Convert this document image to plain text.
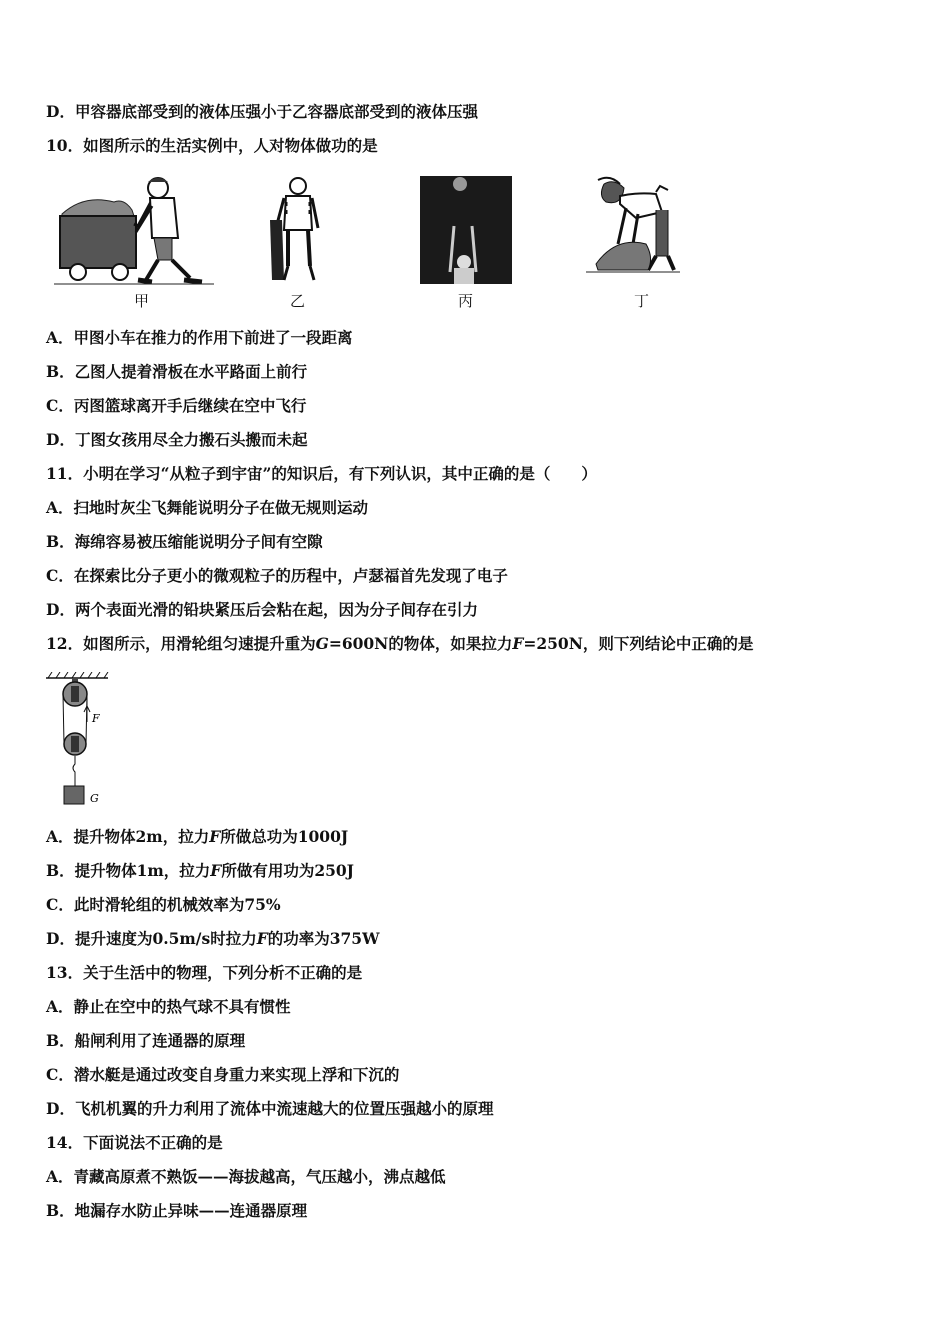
D．甲容器底部受到的液体压强小于乙容器底部受到的液体压强
10．如图所示的生活实例中，人对物体做功的是
甲	乙	丙	丁
A．甲图小车在推力的作用下前进了一段距离
B．乙图人提着滑板在水平路面上前行
C．丙图篮球离开手后继续在空中飞行
D．丁图女孩用尽全力搬石头搬而未起
11．小明在学习“从粒子到宇宙”的知识后，有下列认识，其中正确的是（　　）
A．扫地时灰尘飞舞能说明分子在做无规则运动
B．海绵容易被压缩能说明分子间有空隙
C．在探索比分子更小的微观粒子的历程中，卢瑟福首先发现了电子
D．两个表面光滑的铅块紧压后会粘在起，因为分子间存在引力
12．如图所示，用滑轮组匀速提升重为G=600N的物体，如果拉力F=250N，则下列结论中正确的是
F
G
A．提升物体2m，拉力F所做总功为1000J
B．提升物体1m，拉力F所做有用功为250J
C．此时滑轮组的机械效率为75%
D．提升速度为0.5m/s时拉力F的功率为375W
13．关于生活中的物理，下列分析不正确的是
A．静止在空中的热气球不具有惯性
B．船闸利用了连通器的原理
C．潜水艇是通过改变自身重力来实现上浮和下沉的
D．飞机机翼的升力利用了流体中流速越大的位置压强越小的原理
14．下面说法不正确的是
A．青藏高原煮不熟饭——海拔越高，气压越小，沸点越低
B．地漏存水防止异味——连通器原理
